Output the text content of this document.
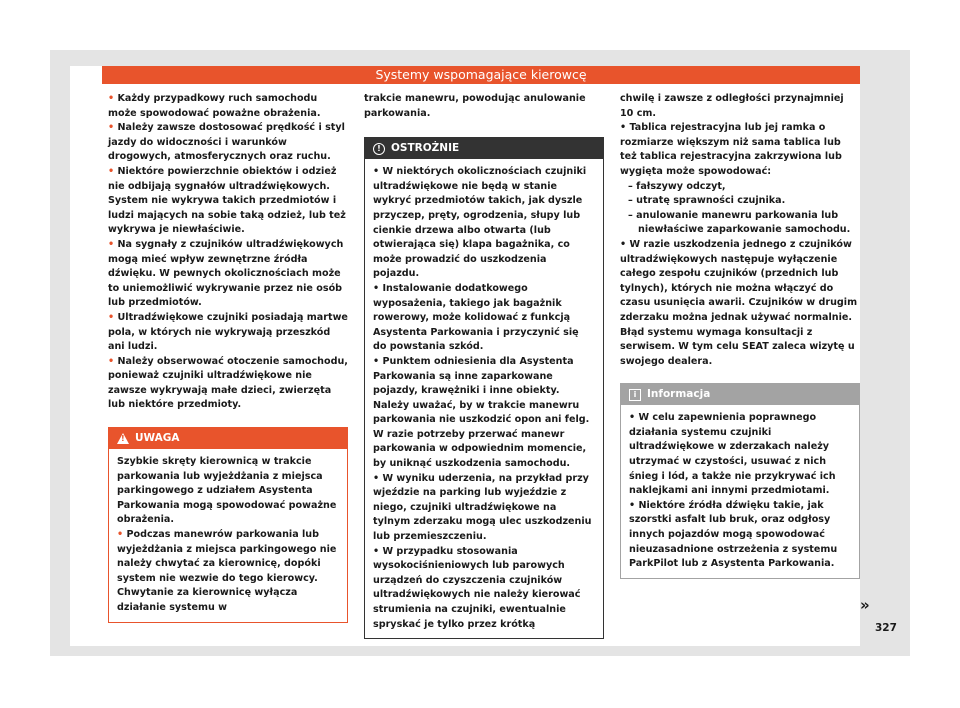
Systemy wspomagające kierowcę

• Każdy przypadkowy ruch samochodu może spowodować poważne obrażenia.

• Należy zawsze dostosować prędkość i styl jazdy do widoczności i warunków drogowych, atmosferycznych oraz ruchu.

• Niektóre powierzchnie obiektów i odzież nie odbijają sygnałów ultradźwiękowych. System nie wykrywa takich przedmiotów i ludzi mających na sobie taką odzież, lub też wykrywa je niewłaściwie.

• Na sygnały z czujników ultradźwiękowych mogą mieć wpływ zewnętrzne źródła dźwięku. W pewnych okolicznościach może to uniemożliwić wykrywanie przez nie osób lub przedmiotów.

• Ultradźwiękowe czujniki posiadają martwe pola, w których nie wykrywają przeszkód ani ludzi.

• Należy obserwować otoczenie samochodu, ponieważ czujniki ultradźwiękowe nie zawsze wykrywają małe dzieci, zwierzęta lub niektóre przedmioty.

!
UWAGA

Szybkie skręty kierownicą w trakcie parkowania lub wyjeżdżania z miejsca parkingowego z udziałem Asystenta Parkowania mogą spowodować poważne obrażenia.

• Podczas manewrów parkowania lub wyjeżdżania z miejsca parkingowego nie należy chwytać za kierownicę, dopóki system nie wezwie do tego kierowcy. Chwytanie za kierownicę wyłącza działanie systemu w

trakcie manewru, powodując anulowanie parkowania.

! OSTROŻNIE

• W niektórych okolicznościach czujniki ultradźwiękowe nie będą w stanie wykryć przedmiotów takich, jak dyszle przyczep, pręty, ogrodzenia, słupy lub cienkie drzewa albo otwarta (lub otwierająca się) klapa bagażnika, co może prowadzić do uszkodzenia pojazdu.

• Instalowanie dodatkowego wyposażenia, takiego jak bagażnik rowerowy, może kolidować z funkcją Asystenta Parkowania i przyczynić się do powstania szkód.

• Punktem odniesienia dla Asystenta Parkowania są inne zaparkowane pojazdy, krawężniki i inne obiekty. Należy uważać, by w trakcie manewru parkowania nie uszkodzić opon ani felg. W razie potrzeby przerwać manewr parkowania w odpowiednim momencie, by uniknąć uszkodzenia samochodu.

• W wyniku uderzenia, na przykład przy wjeździe na parking lub wyjeździe z niego, czujniki ultradźwiękowe na tylnym zderzaku mogą ulec uszkodzeniu lub przemieszczeniu.

• W przypadku stosowania wysokociśnieniowych lub parowych urządzeń do czyszczenia czujników ultradźwiękowych nie należy kierować strumienia na czujniki, ewentualnie spryskać je tylko przez krótką

chwilę i zawsze z odległości przynajmniej 10 cm.

• Tablica rejestracyjna lub jej ramka o rozmiarze większym niż sama tablica lub też tablica rejestracyjna zakrzywiona lub wygięta może spowodować:

– fałszywy odczyt,

– utratę sprawności czujnika.

– anulowanie manewru parkowania lub niewłaściwe zaparkowanie samochodu.

• W razie uszkodzenia jednego z czujników ultradźwiękowych następuje wyłączenie całego zespołu czujników (przednich lub tylnych), których nie można włączyć do czasu usunięcia awarii. Czujników w drugim zderzaku można jednak używać normalnie. Błąd systemu wymaga konsultacji z serwisem. W tym celu SEAT zaleca wizytę u swojego dealera.

i	Informacja

• W celu zapewnienia poprawnego działania systemu czujniki ultradźwiękowe w zderzakach należy utrzymać w czystości, usuwać z nich śnieg i lód, a także nie przykrywać ich naklejkami ani innymi przedmiotami.

• Niektóre źródła dźwięku takie, jak szorstki asfalt lub bruk, oraz odgłosy innych pojazdów mogą spowodować nieuzasadnione ostrzeżenia z systemu ParkPilot lub z Asystenta Parkowania.

»
327
